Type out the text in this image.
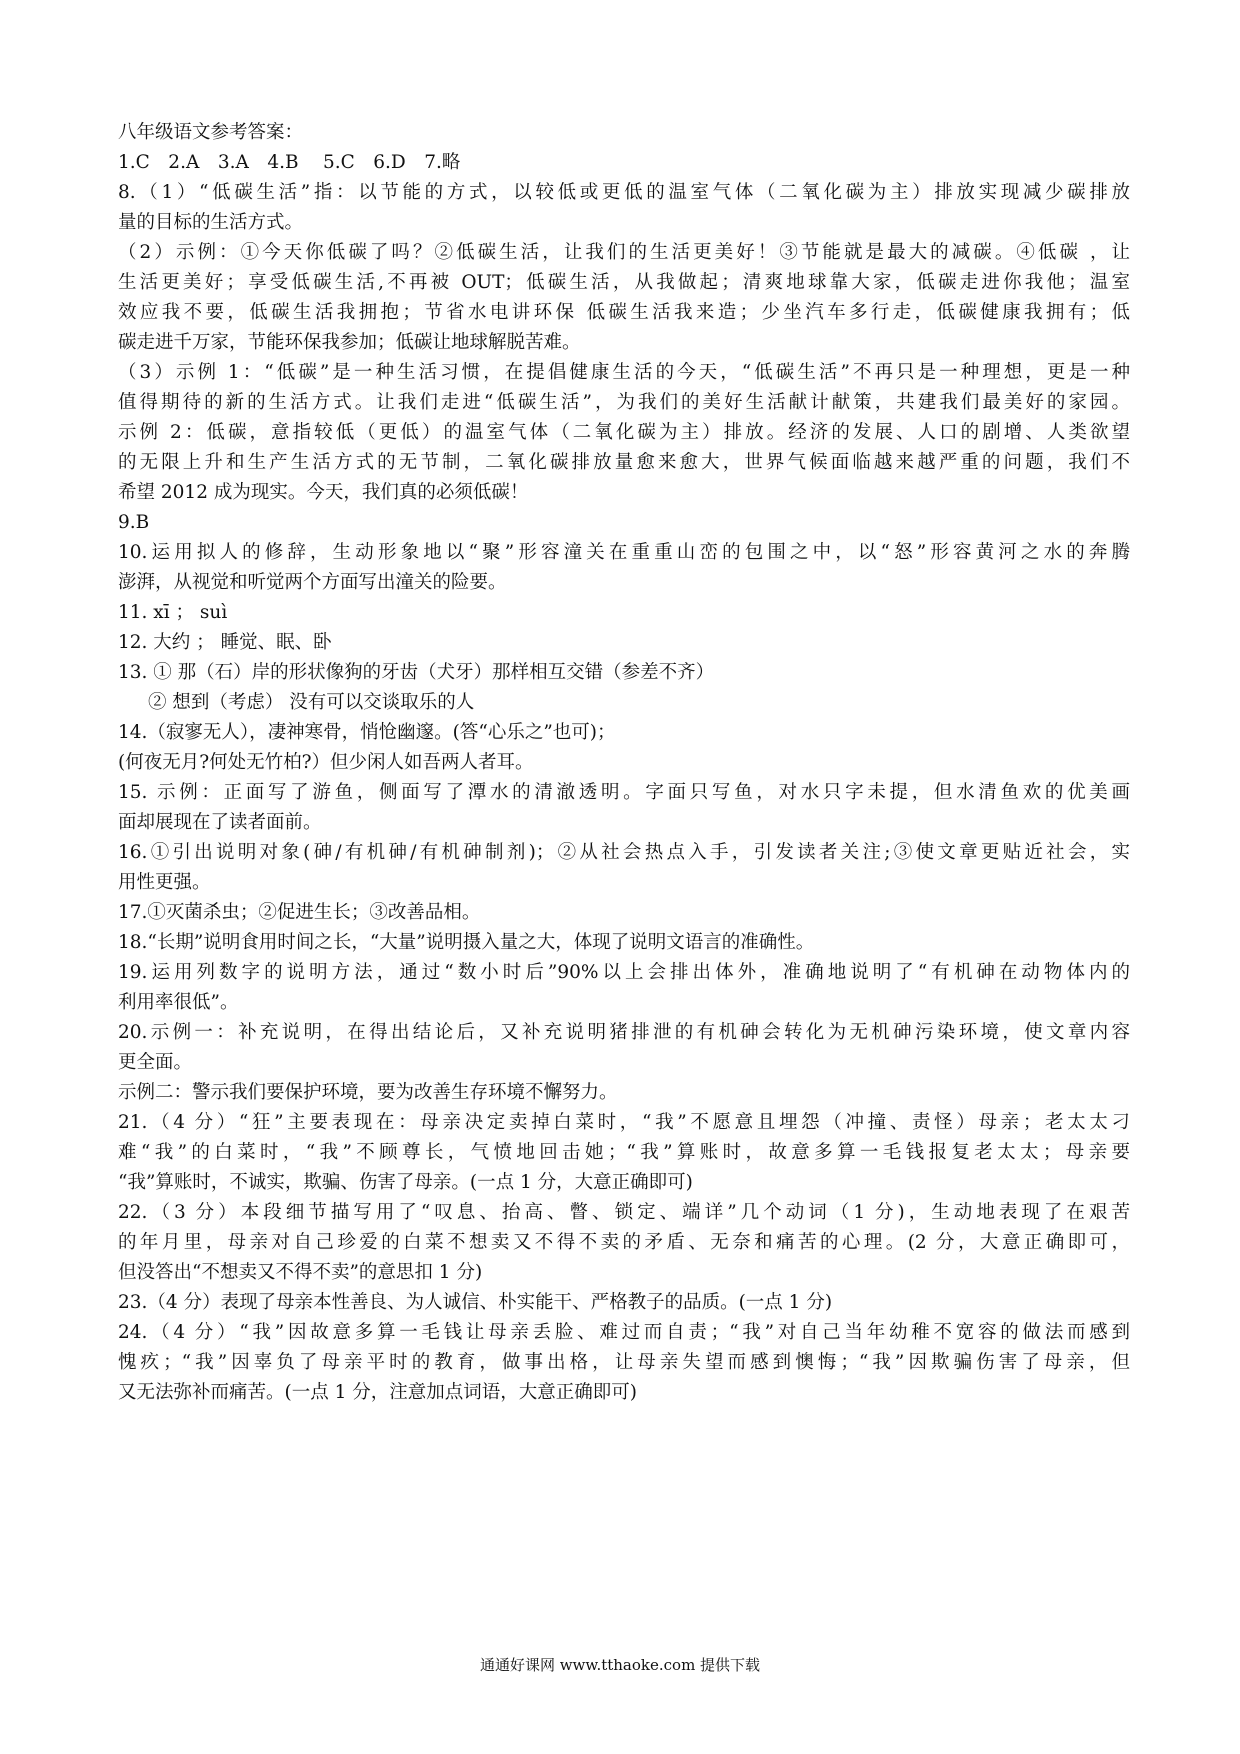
八年级语文参考答案：
1.C　2.A　3.A　4.B　 5.C　6.D　7.略
8.（1）“低碳生活”指：以节能的方式，以较低或更低的温室气体（二氧化碳为主）排放实现减少碳排放
量的目标的生活方式。
（2）示例：①今天你低碳了吗？②低碳生活，让我们的生活更美好！③节能就是最大的减碳。④低碳 ，让
生活更美好；享受低碳生活,不再被 OUT；低碳生活，从我做起；清爽地球靠大家，低碳走进你我他；温室
效应我不要，低碳生活我拥抱；节省水电讲环保 低碳生活我来造；少坐汽车多行走，低碳健康我拥有；低
碳走进千万家，节能环保我参加；低碳让地球解脱苦难。
（3）示例 1：“低碳”是一种生活习惯，在提倡健康生活的今天，“低碳生活”不再只是一种理想，更是一种
值得期待的新的生活方式。让我们走进“低碳生活”，为我们的美好生活献计献策，共建我们最美好的家园。
示例 2：低碳，意指较低（更低）的温室气体（二氧化碳为主）排放。经济的发展、人口的剧增、人类欲望
的无限上升和生产生活方式的无节制，二氧化碳排放量愈来愈大，世界气候面临越来越严重的问题，我们不
希望 2012 成为现实。今天，我们真的必须低碳！
9.B
10.运用拟人的修辞，生动形象地以“聚”形容潼关在重重山峦的包围之中，以“怒”形容黄河之水的奔腾
澎湃，从视觉和听觉两个方面写出潼关的险要。
11. xī ； suì
12. 大约 ； 睡觉、眠、卧
13. ① 那（石）岸的形状像狗的牙齿（犬牙）那样相互交错（参差不齐）
② 想到（考虑） 没有可以交谈取乐的人
14.（寂寥无人），凄神寒骨，悄怆幽邃。(答“心乐之”也可)；
(何夜无月?何处无竹柏?）但少闲人如吾两人者耳。
15. 示例：正面写了游鱼，侧面写了潭水的清澈透明。字面只写鱼，对水只字未提，但水清鱼欢的优美画
面却展现在了读者面前。
16.①引出说明对象(砷/有机砷/有机砷制剂)；②从社会热点入手，引发读者关注;③使文章更贴近社会，实
用性更强。
17.①灭菌杀虫；②促进生长；③改善品相。
18.“长期”说明食用时间之长，“大量”说明摄入量之大，体现了说明文语言的准确性。
19.运用列数字的说明方法，通过“数小时后”90%以上会排出体外，准确地说明了“有机砷在动物体内的
利用率很低”。
20.示例一：补充说明，在得出结论后，又补充说明猪排泄的有机砷会转化为无机砷污染环境，使文章内容
更全面。
示例二：警示我们要保护环境，要为改善生存环境不懈努力。
21.（4 分）“狂”主要表现在：母亲决定卖掉白菜时，“我”不愿意且埋怨（冲撞、责怪）母亲；老太太刁
难“我”的白菜时，“我”不顾尊长，气愤地回击她；“我”算账时，故意多算一毛钱报复老太太；母亲要
“我”算账时，不诚实，欺骗、伤害了母亲。(一点 1 分，大意正确即可)
22.（3 分）本段细节描写用了“叹息、抬高、瞥、锁定、端详”几个动词（1 分)，生动地表现了在艰苦
的年月里，母亲对自己珍爱的白菜不想卖又不得不卖的矛盾、无奈和痛苦的心理。(2 分，大意正确即可，
但没答出“不想卖又不得不卖”的意思扣 1 分)
23.（4 分）表现了母亲本性善良、为人诚信、朴实能干、严格教子的品质。(一点 1 分)
24.（4 分）“我”因故意多算一毛钱让母亲丢脸、难过而自责；“我”对自己当年幼稚不宽容的做法而感到
愧疚；“我”因辜负了母亲平时的教育，做事出格，让母亲失望而感到懊悔；“我”因欺骗伤害了母亲，但
又无法弥补而痛苦。(一点 1 分，注意加点词语，大意正确即可)
通通好课网 www.tthaoke.com 提供下载
